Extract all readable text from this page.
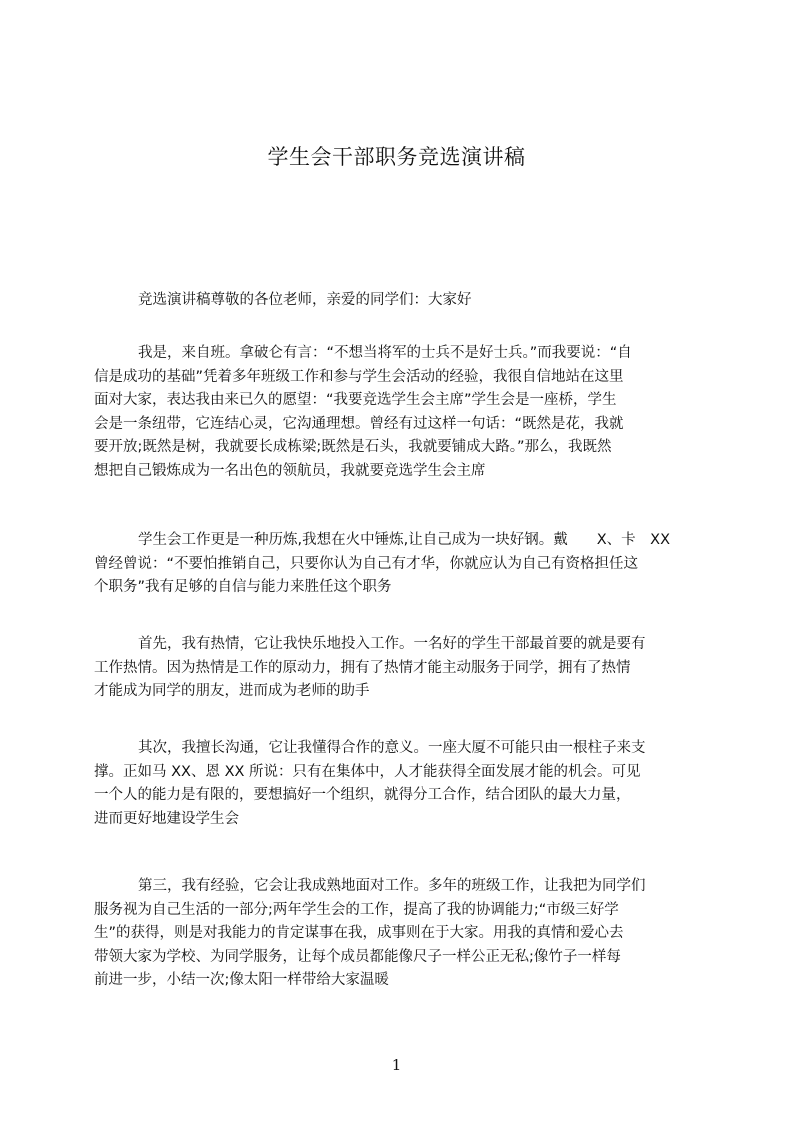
学生会干部职务竞选演讲稿
竞选演讲稿尊敬的各位老师，亲爱的同学们：大家好
我是，来自班。拿破仑有言：“不想当将军的士兵不是好士兵。”而我要说：“自
信是成功的基础”凭着多年班级工作和参与学生会活动的经验，我很自信地站在这里
面对大家，表达我由来已久的愿望：“我要竞选学生会主席”学生会是一座桥，学生
会是一条纽带，它连结心灵，它沟通理想。曾经有过这样一句话：“既然是花，我就
要开放;既然是树，我就要长成栋梁;既然是石头，我就要铺成大路。”那么，我既然
想把自己锻炼成为一名出色的领航员，我就要竞选学生会主席
学生会工作更是一种历炼,我想在火中锤炼,让自己成为一块好钢。戴　　X、卡　XX
曾经曾说：“不要怕推销自己，只要你认为自己有才华，你就应认为自己有资格担任这
个职务”我有足够的自信与能力来胜任这个职务
首先，我有热情，它让我快乐地投入工作。一名好的学生干部最首要的就是要有
工作热情。因为热情是工作的原动力，拥有了热情才能主动服务于同学，拥有了热情
才能成为同学的朋友，进而成为老师的助手
其次，我擅长沟通，它让我懂得合作的意义。一座大厦不可能只由一根柱子来支
撑。正如马 XX、恩 XX 所说：只有在集体中，人才能获得全面发展才能的机会。可见
一个人的能力是有限的，要想搞好一个组织，就得分工合作，结合团队的最大力量，
进而更好地建设学生会
第三，我有经验，它会让我成熟地面对工作。多年的班级工作，让我把为同学们
服务视为自己生活的一部分;两年学生会的工作，提高了我的协调能力;“市级三好学
生”的获得，则是对我能力的肯定谋事在我，成事则在于大家。用我的真情和爱心去
带领大家为学校、为同学服务，让每个成员都能像尺子一样公正无私;像竹子一样每
前进一步，小结一次;像太阳一样带给大家温暖
1
